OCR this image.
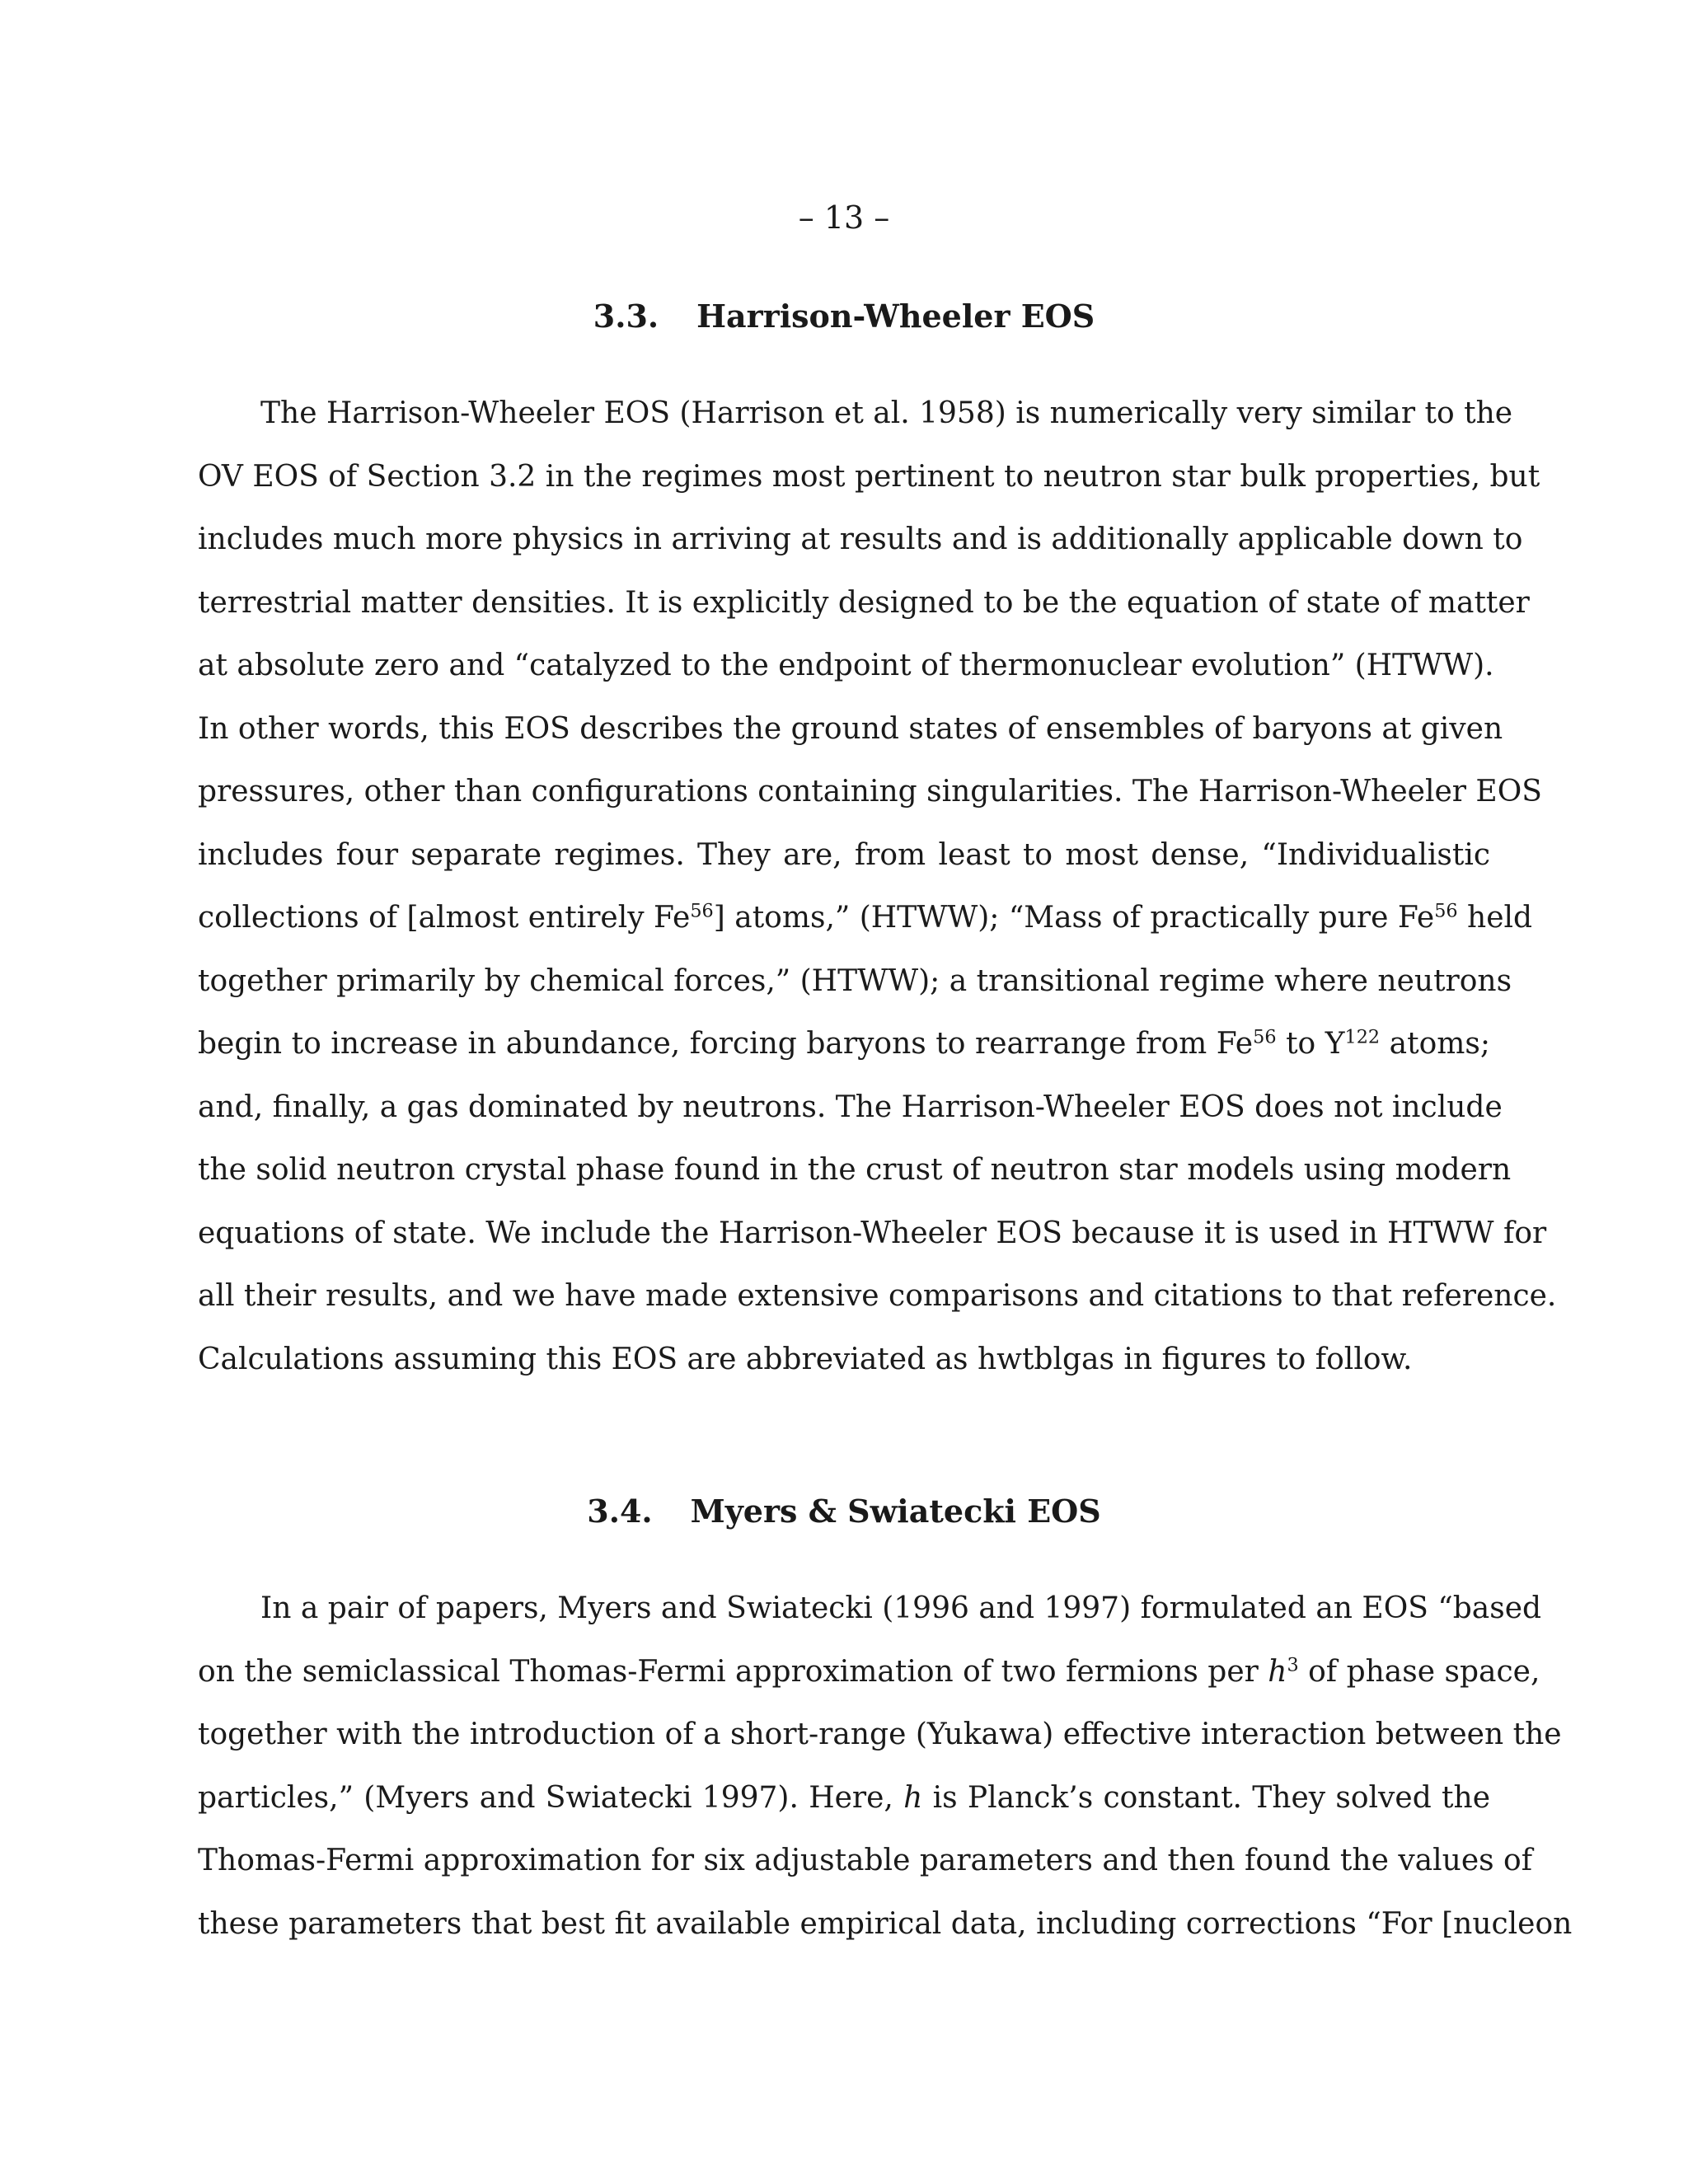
– 13 –
3.3. Harrison-Wheeler EOS
The Harrison-Wheeler EOS (Harrison et al. 1958) is numerically very similar to the
OV EOS of Section 3.2 in the regimes most pertinent to neutron star bulk properties, but
includes much more physics in arriving at results and is additionally applicable down to
terrestrial matter densities. It is explicitly designed to be the equation of state of matter
at absolute zero and “catalyzed to the endpoint of thermonuclear evolution” (HTWW).
In other words, this EOS describes the ground states of ensembles of baryons at given
pressures, other than configurations containing singularities. The Harrison-Wheeler EOS
includes four separate regimes. They are, from least to most dense, “Individualistic
collections of [almost entirely Fe$^{56}$] atoms,” (HTWW); “Mass of practically pure Fe$^{56}$ held
together primarily by chemical forces,” (HTWW); a transitional regime where neutrons
begin to increase in abundance, forcing baryons to rearrange from Fe$^{56}$ to $Y^{122}$ atoms;
and, finally, a gas dominated by neutrons. The Harrison-Wheeler EOS does not include
the solid neutron crystal phase found in the crust of neutron star models using modern
equations of state. We include the Harrison-Wheeler EOS because it is used in HTWW for
all their results, and we have made extensive comparisons and citations to that reference.
Calculations assuming this EOS are abbreviated as hwtblgas in figures to follow.
3.4. Myers & Swiatecki EOS
In a pair of papers, Myers and Swiatecki (1996 and 1997) formulated an EOS “based
on the semiclassical Thomas-Fermi approximation of two fermions per $h^3$ of phase space,
together with the introduction of a short-range (Yukawa) effective interaction between the
particles,” (Myers and Swiatecki 1997). Here, h is Planck’s constant. They solved the
Thomas-Fermi approximation for six adjustable parameters and then found the values of
these parameters that best fit available empirical data, including corrections “For [nucleon
